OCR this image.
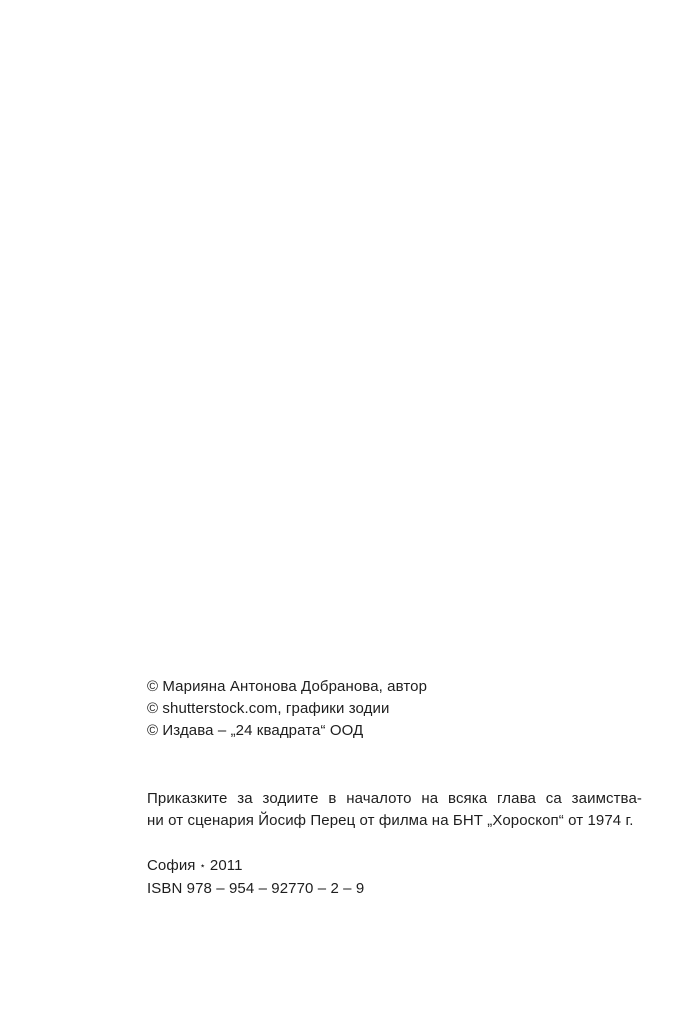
© Марияна Антонова Добранова, автор
© shutterstock.com, графики зодии
© Издава – „24 квадрата“ ООД
Приказките за зодиите в началото на всяка глава са заимства-
ни от сценария Йосиф Перец от филма на БНТ „Хороскоп“ от 1974 г.
София ⋆ 2011
ISBN 978 – 954 – 92770 – 2 – 9
